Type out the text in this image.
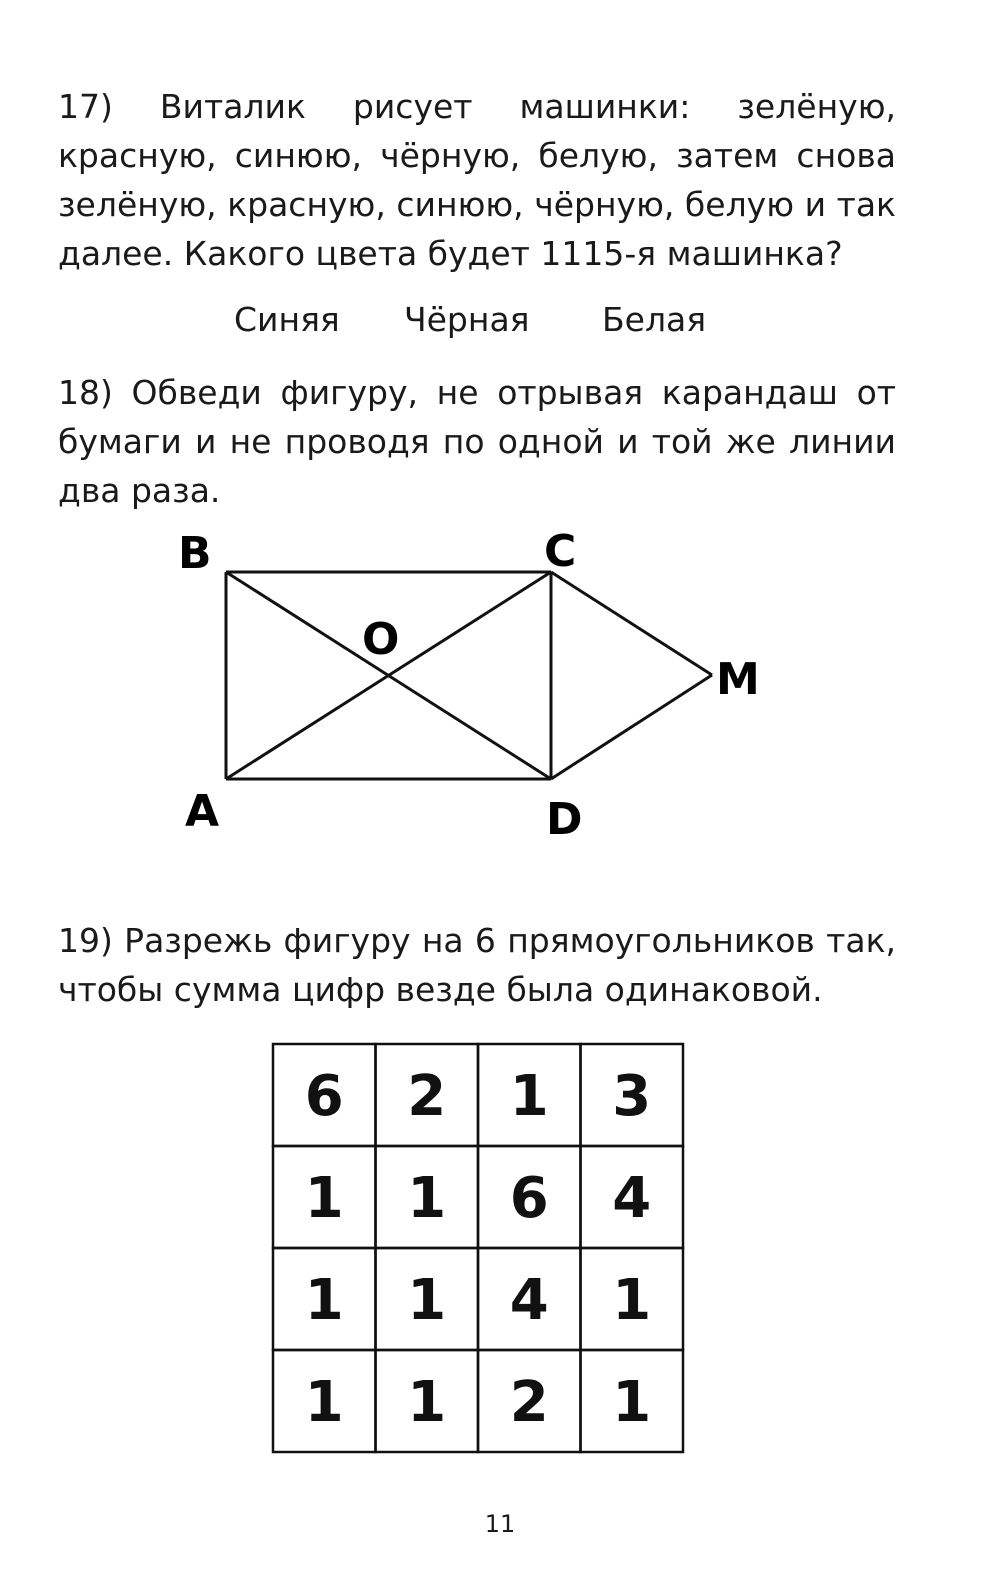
17) Виталик рисует машинки: зелёную, красную, синюю, чёрную, белую, затем снова зелёную, красную, синюю, чёрную, белую и так далее. Какого цвета будет 1115-я машинка?
Синяя Чёрная Белая
18) Обведи фигуру, не отрывая карандаш от бумаги и не проводя по одной и той же линии два раза.
B	C
O
M
A	D
6 2 1 3
1 1 6 4
1 1 4 1
1 1 2 1
19) Разрежь фигуру на 6 прямоугольников так, чтобы сумма цифр везде была одинаковой.
11
